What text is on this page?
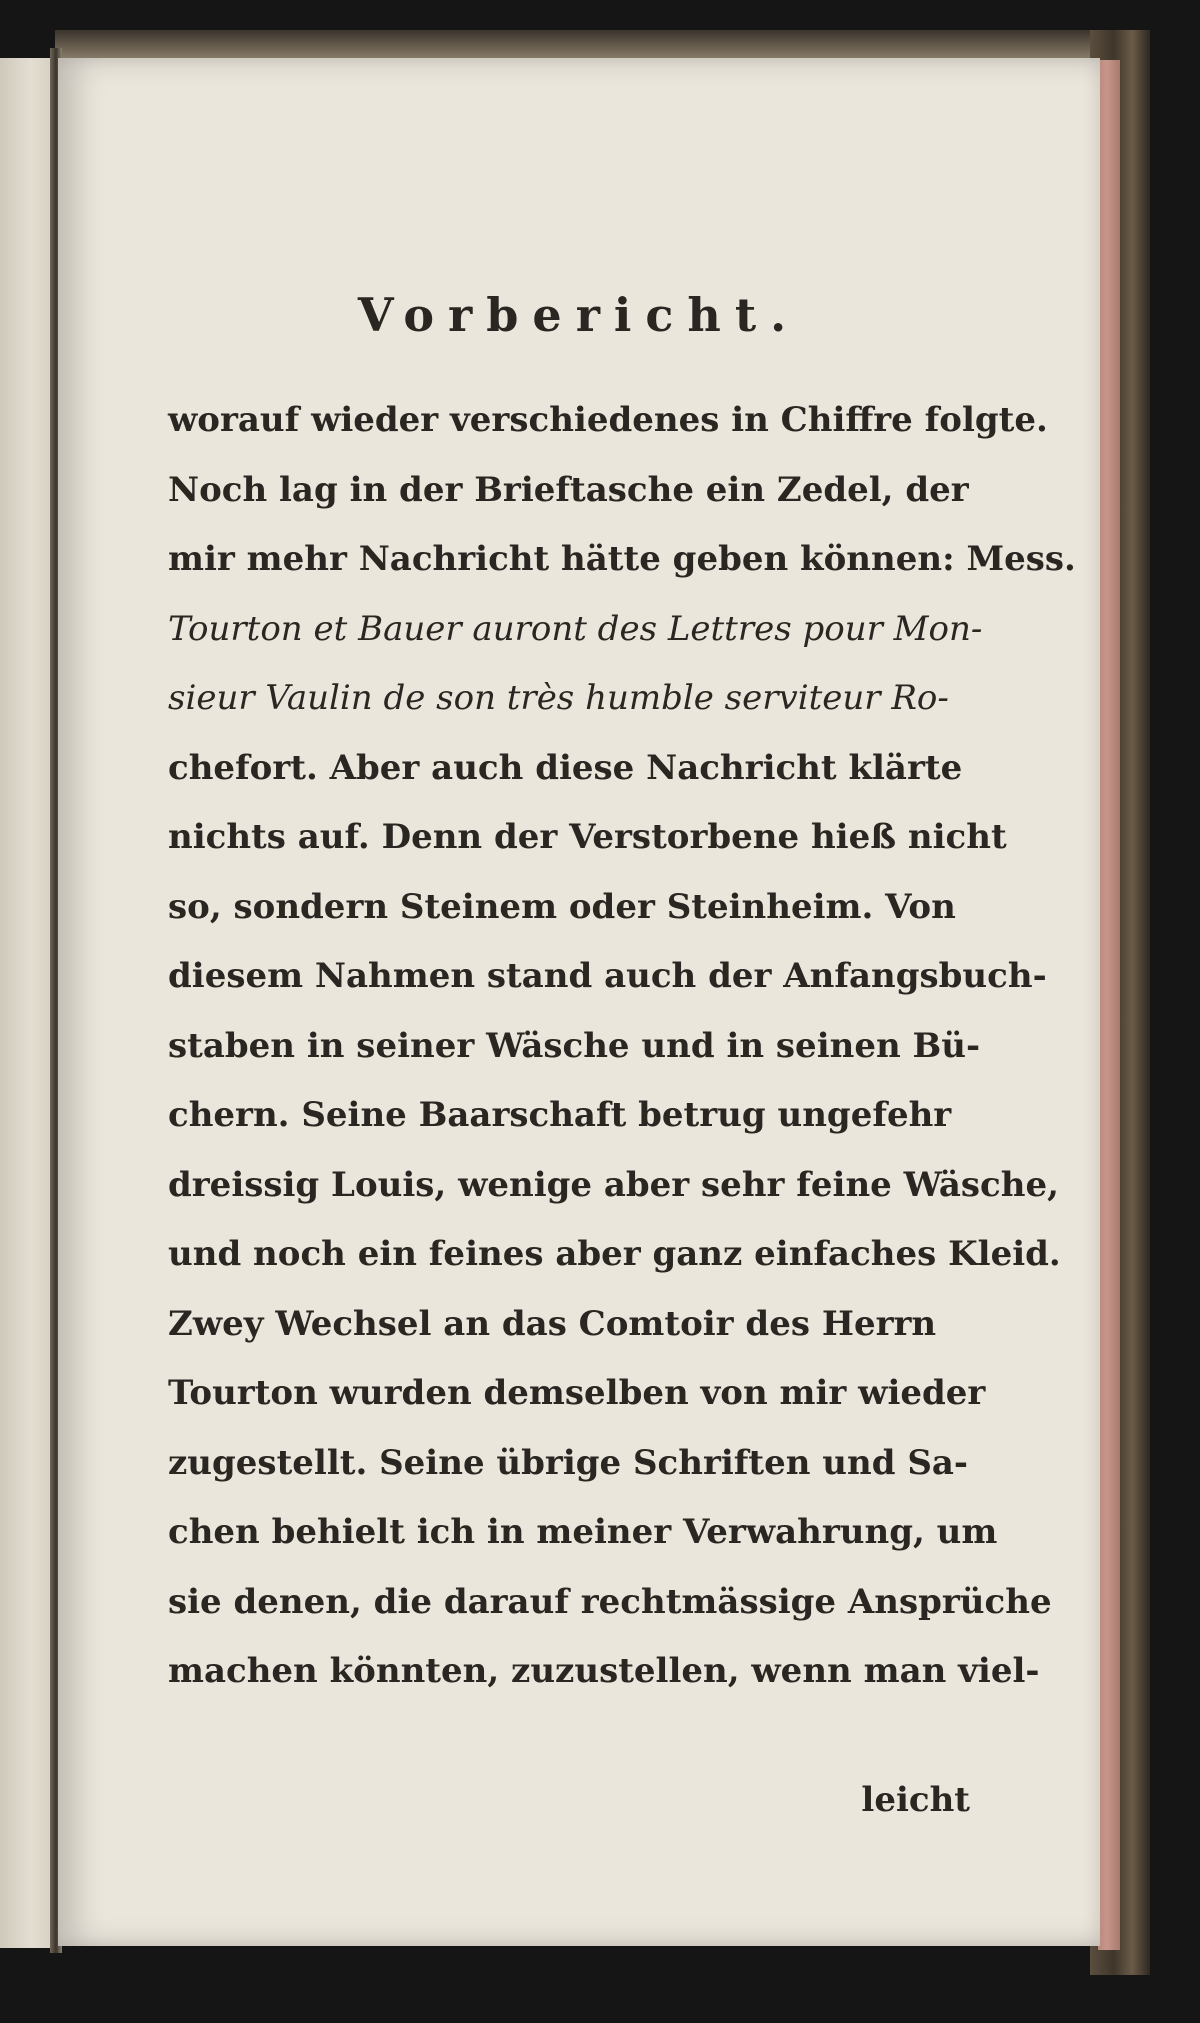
Vorbericht.
worauf wieder verschiedenes in Chiffre folgte.
Noch lag in der Brieftasche ein Zedel, der
mir mehr Nachricht hätte geben können: Mess.
Tourton et Bauer auront des Lettres pour Mon-
sieur Vaulin de son très humble serviteur Ro-
chefort. Aber auch diese Nachricht klärte
nichts auf. Denn der Verstorbene hieß nicht
so, sondern Steinem oder Steinheim. Von
diesem Nahmen stand auch der Anfangsbuch-
staben in seiner Wäsche und in seinen Bü-
chern. Seine Baarschaft betrug ungefehr
dreissig Louis, wenige aber sehr feine Wäsche,
und noch ein feines aber ganz einfaches Kleid.
Zwey Wechsel an das Comtoir des Herrn
Tourton wurden demselben von mir wieder
zugestellt. Seine übrige Schriften und Sa-
chen behielt ich in meiner Verwahrung, um
sie denen, die darauf rechtmässige Ansprüche
machen könnten, zuzustellen, wenn man viel-
leicht
